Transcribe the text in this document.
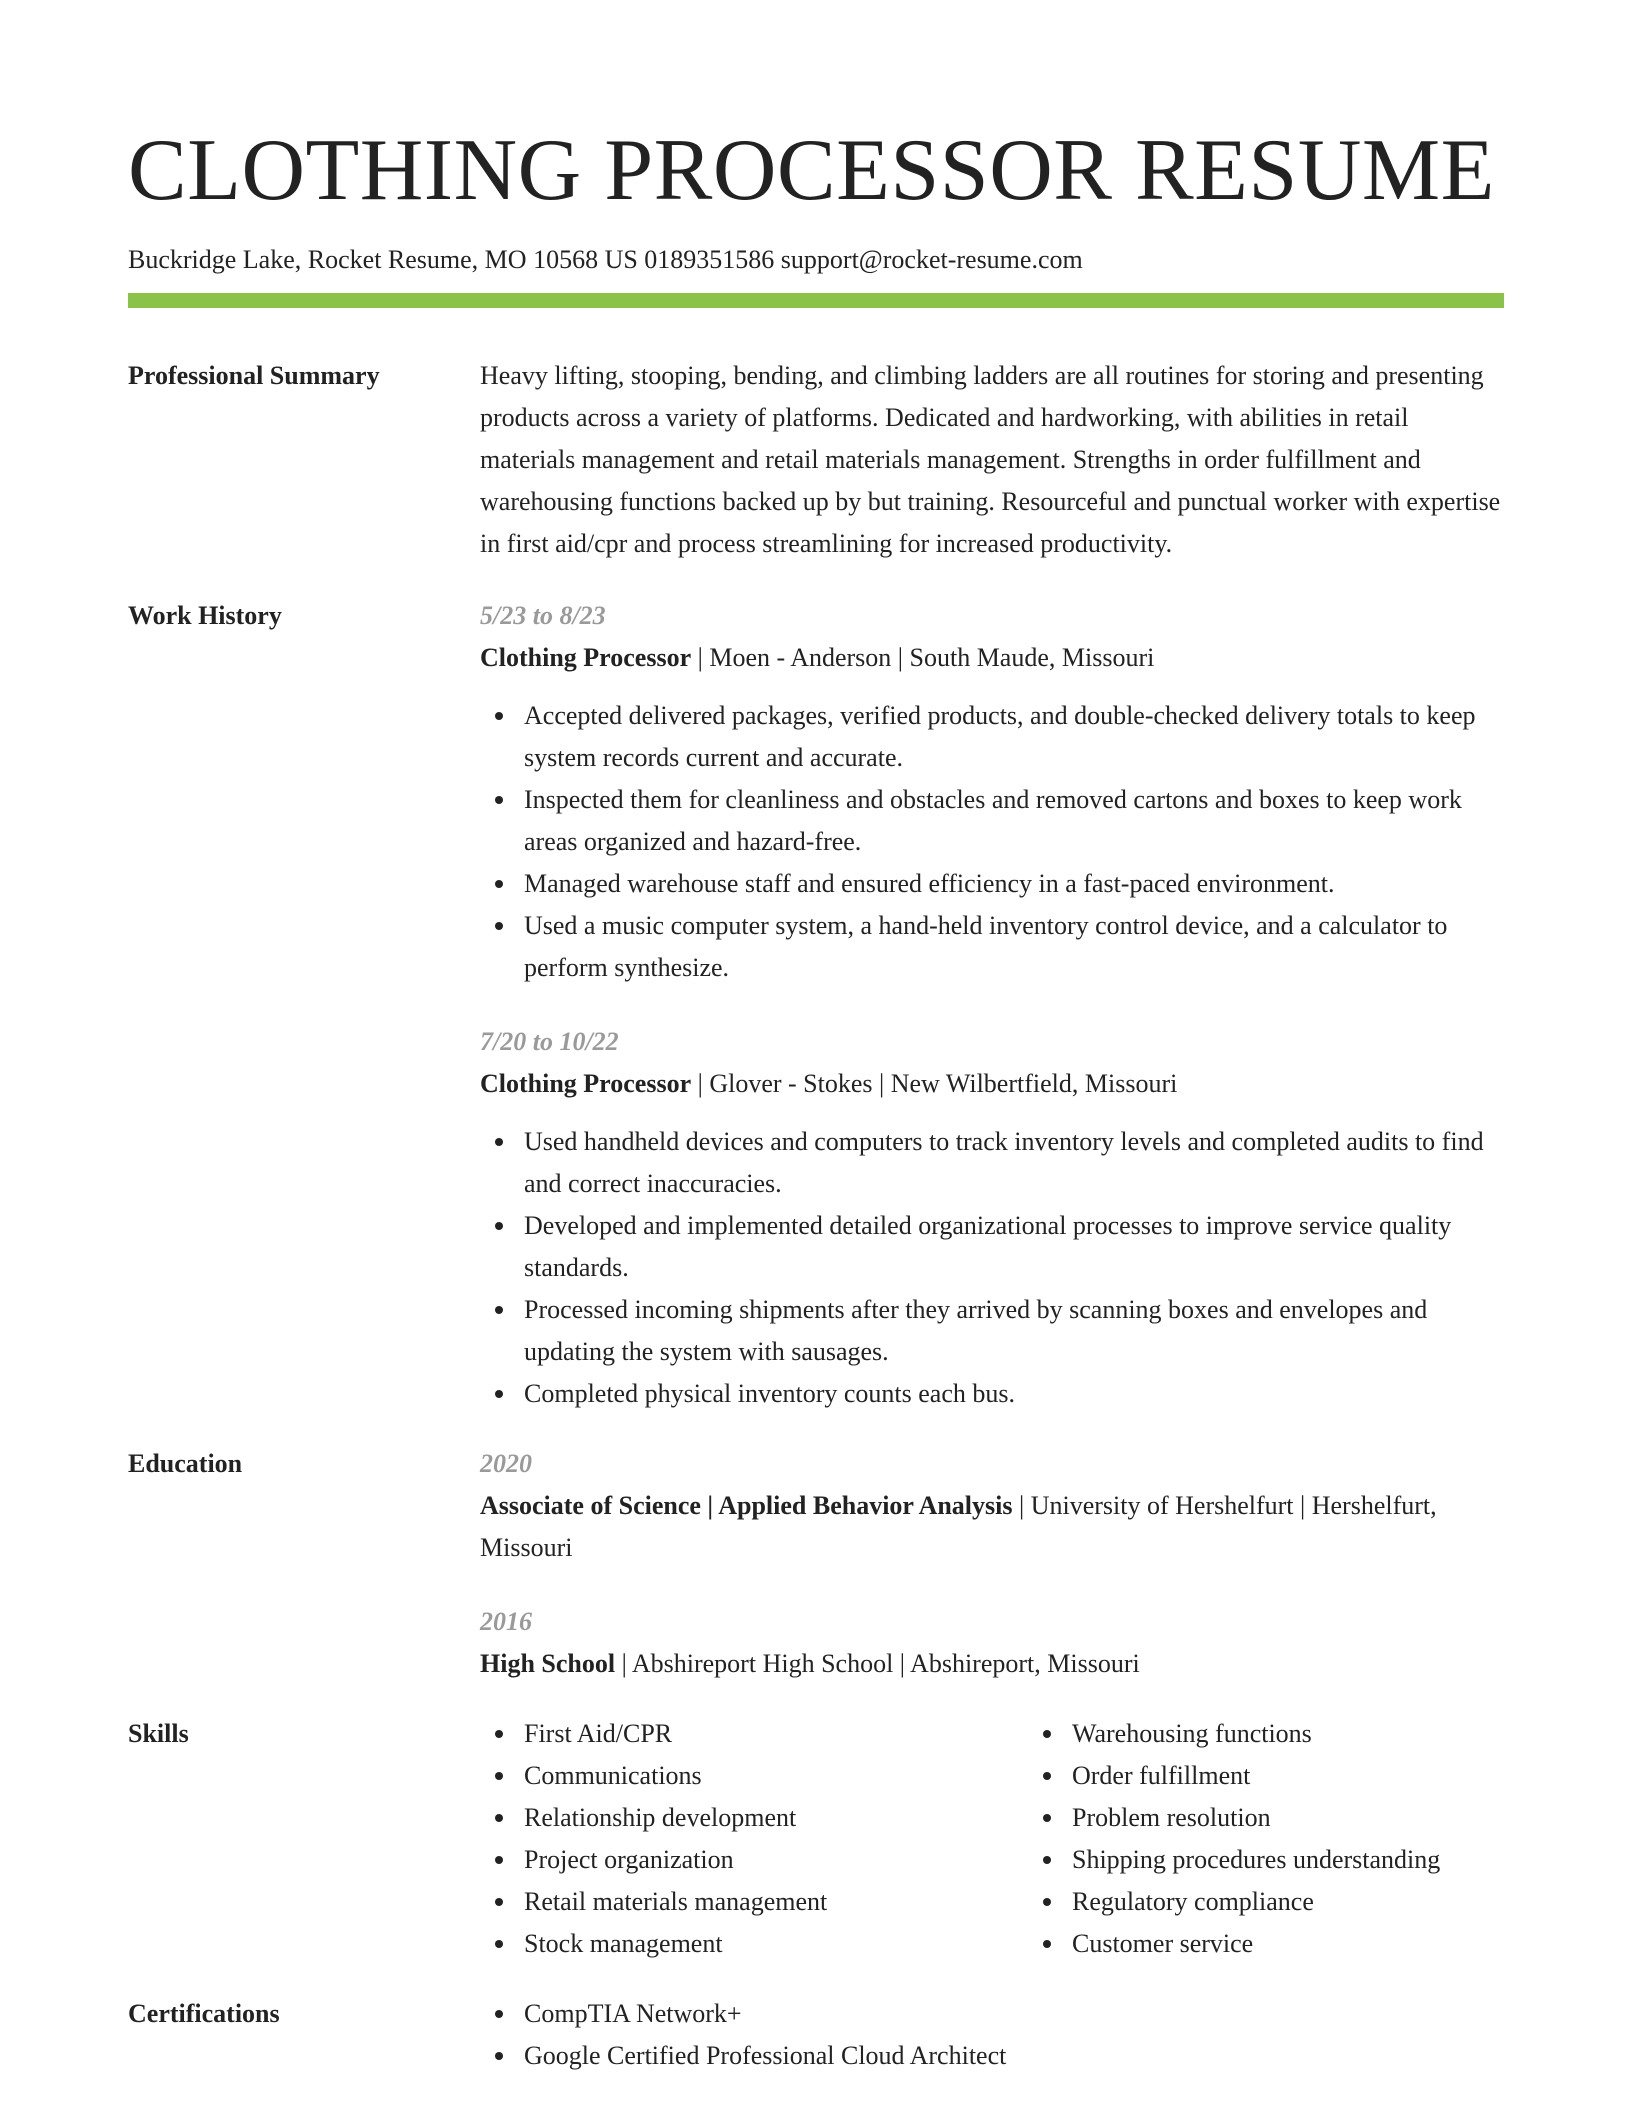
CLOTHING PROCESSOR RESUME
Buckridge Lake, Rocket Resume, MO 10568 US 0189351586 support@rocket-resume.com
Professional Summary	Heavy lifting, stooping, bending, and climbing ladders are all routines for storing and presenting products across a variety of platforms. Dedicated and hardworking, with abilities in retail materials management and retail materials management. Strengths in order fulfillment and warehousing functions backed up by but training. Resourceful and punctual worker with expertise in first aid/cpr and process streamlining for increased productivity.
Work History	5/23 to 8/23
Clothing Processor | Moen - Anderson | South Maude, Missouri
Accepted delivered packages, verified products, and double-checked delivery totals to keep system records current and accurate.
Inspected them for cleanliness and obstacles and removed cartons and boxes to keep work areas organized and hazard-free.
Managed warehouse staff and ensured efficiency in a fast-paced environment.
Used a music computer system, a hand-held inventory control device, and a calculator to perform synthesize.
7/20 to 10/22
Clothing Processor | Glover - Stokes | New Wilbertfield, Missouri
Used handheld devices and computers to track inventory levels and completed audits to find and correct inaccuracies.
Developed and implemented detailed organizational processes to improve service quality standards.
Processed incoming shipments after they arrived by scanning boxes and envelopes and updating the system with sausages.
Completed physical inventory counts each bus.
Education	2020
Associate of Science | Applied Behavior Analysis | University of Hershelfurt | Hershelfurt, Missouri
2016
High School | Abshireport High School | Abshireport, Missouri
Skills	First Aid/CPR
Communications
Relationship development
Project organization
Retail materials management
Stock management
Warehousing functions
Order fulfillment
Problem resolution
Shipping procedures understanding
Regulatory compliance
Customer service
Certifications	CompTIA Network+
Google Certified Professional Cloud Architect
